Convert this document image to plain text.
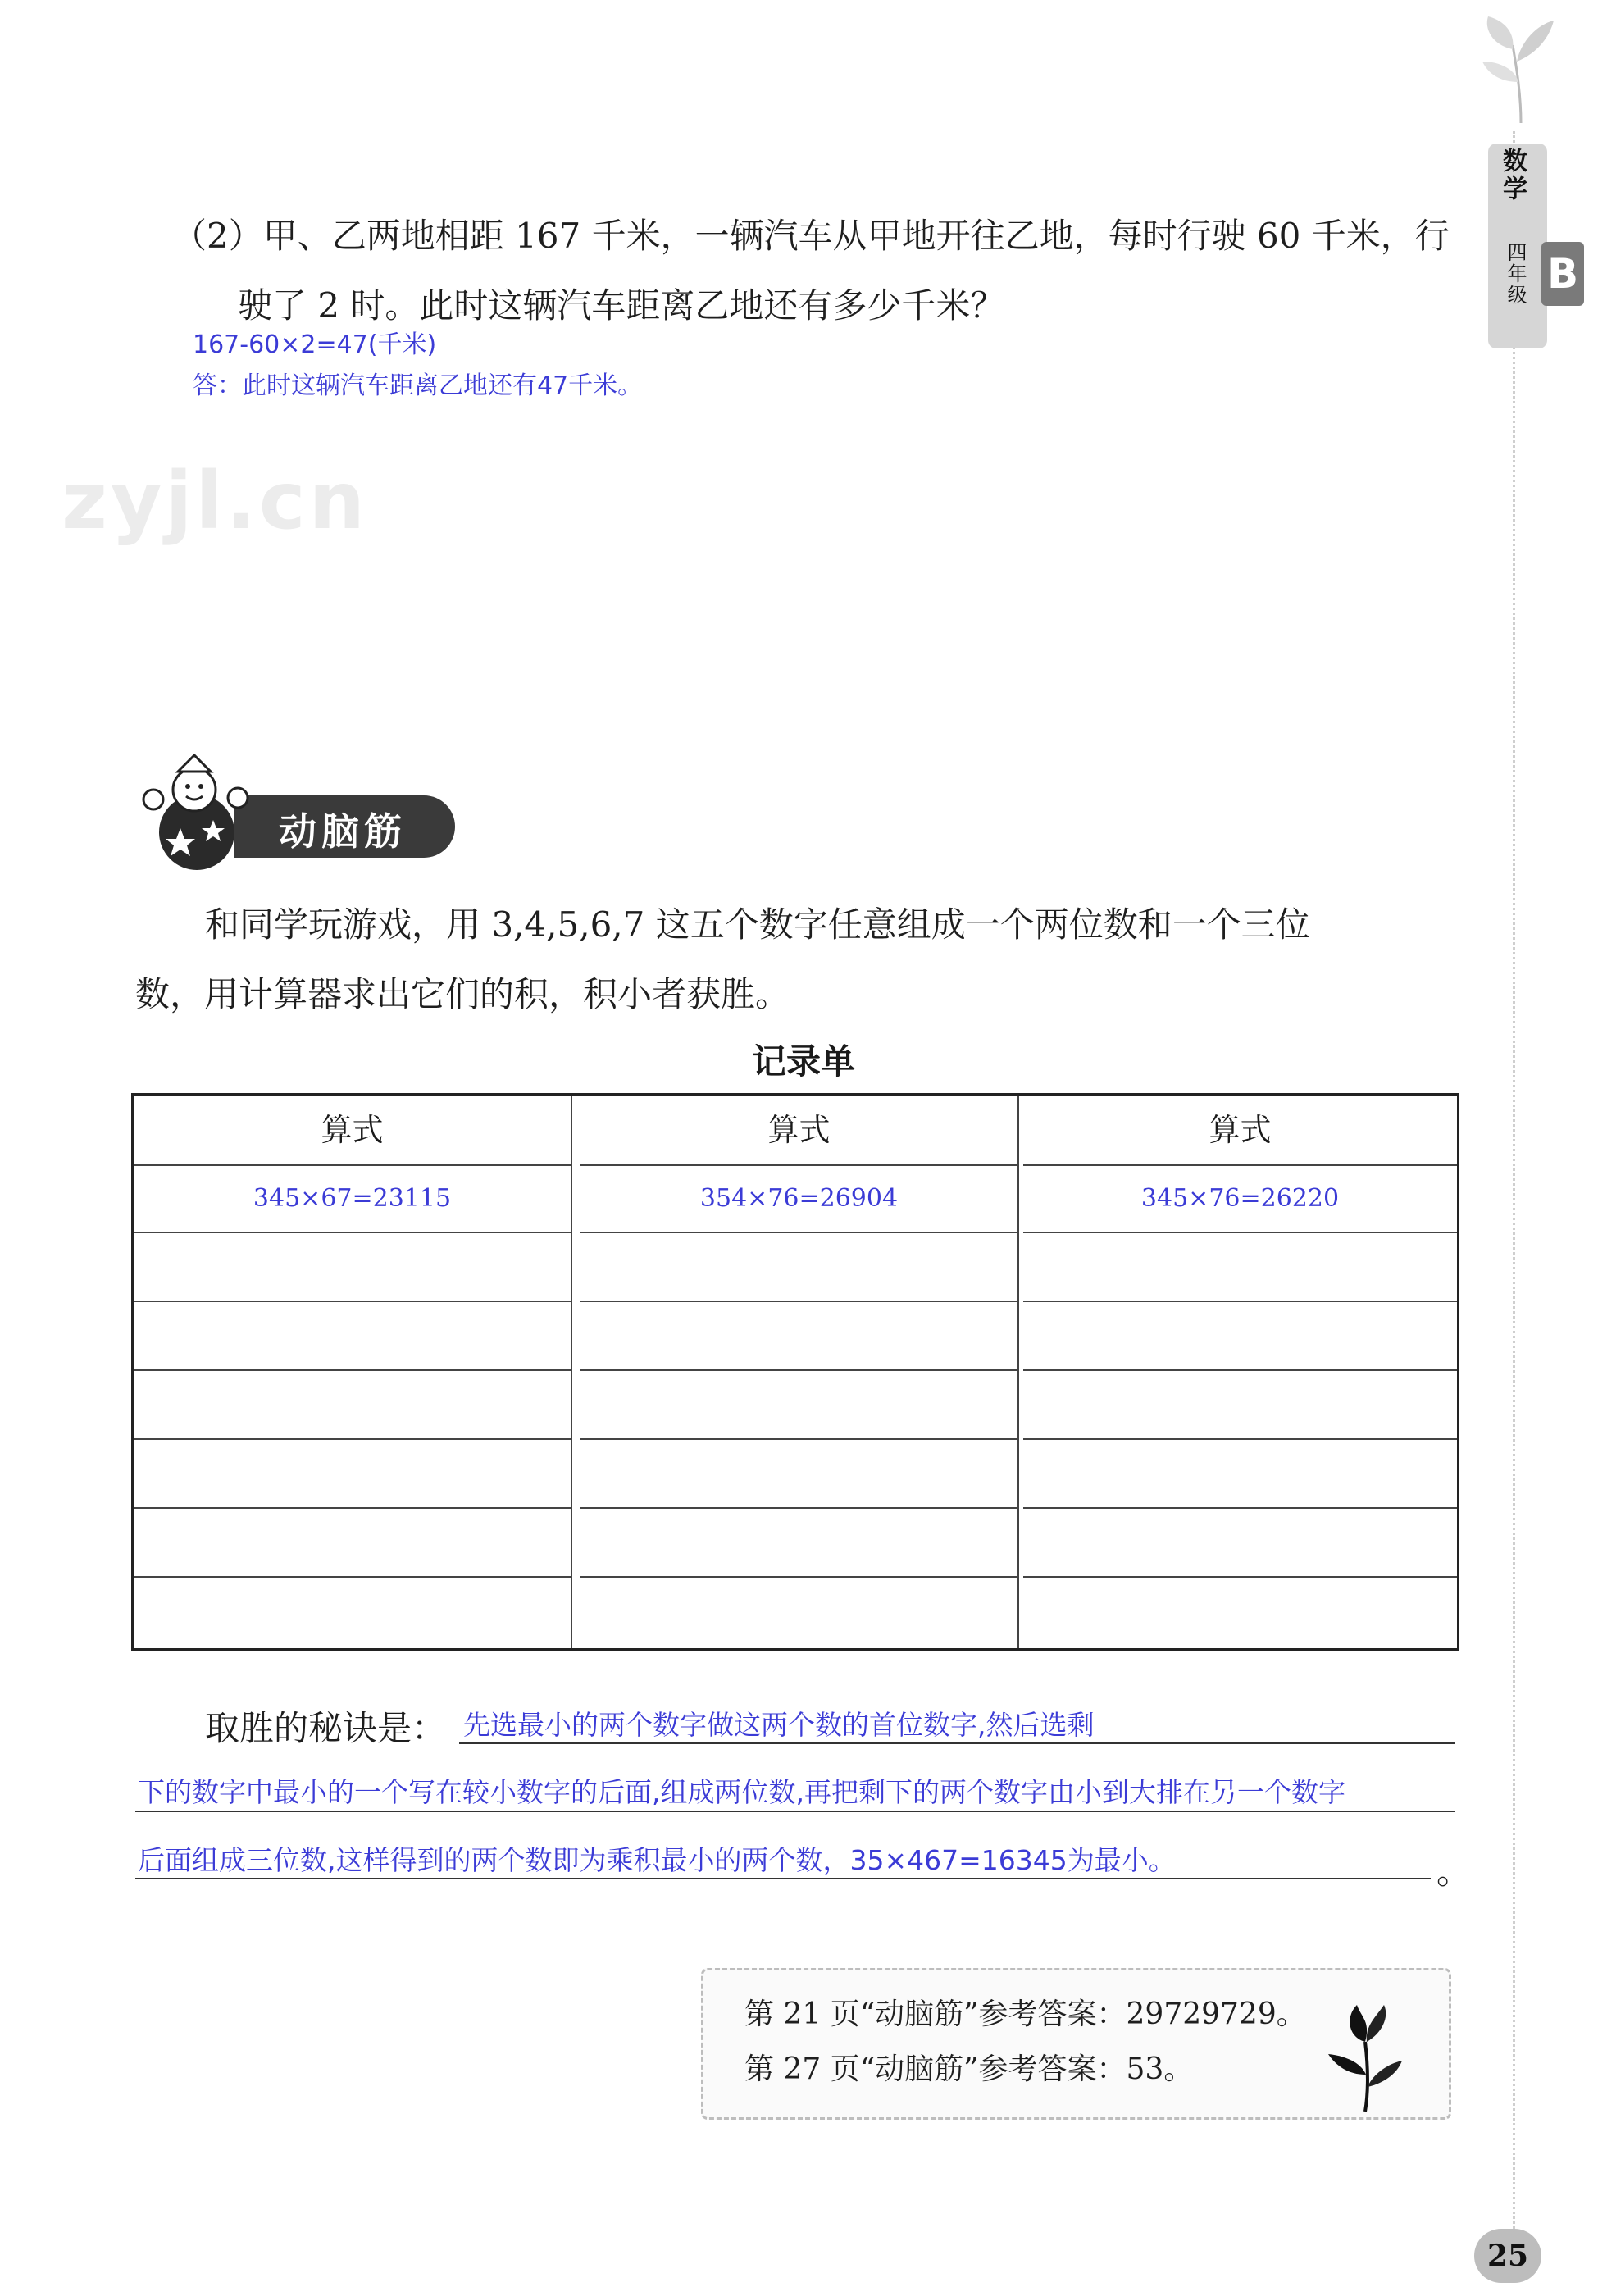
数学
四年级 B
（2）甲、乙两地相距 167 千米，一辆汽车从甲地开往乙地，每时行驶 60 千米，行
驶了 2 时。此时这辆汽车距离乙地还有多少千米？
167-60×2=47(千米)
答：此时这辆汽车距离乙地还有47千米。
zyjl.cn
动脑筋
和同学玩游戏，用 3,4,5,6,7 这五个数字任意组成一个两位数和一个三位
数，用计算器求出它们的积，积小者获胜。
记录单
算式
345×67=23115
算式
354×76=26904
算式
345×76=26220
取胜的秘诀是： 先选最小的两个数字做这两个数的首位数字,然后选剩
下的数字中最小的一个写在较小数字的后面,组成两位数,再把剩下的两个数字由小到大排在另一个数字
后面组成三位数,这样得到的两个数即为乘积最小的两个数，35×467=16345为最小。	。
第 21 页“动脑筋”参考答案：29729729。
第 27 页“动脑筋”参考答案：53。
25
